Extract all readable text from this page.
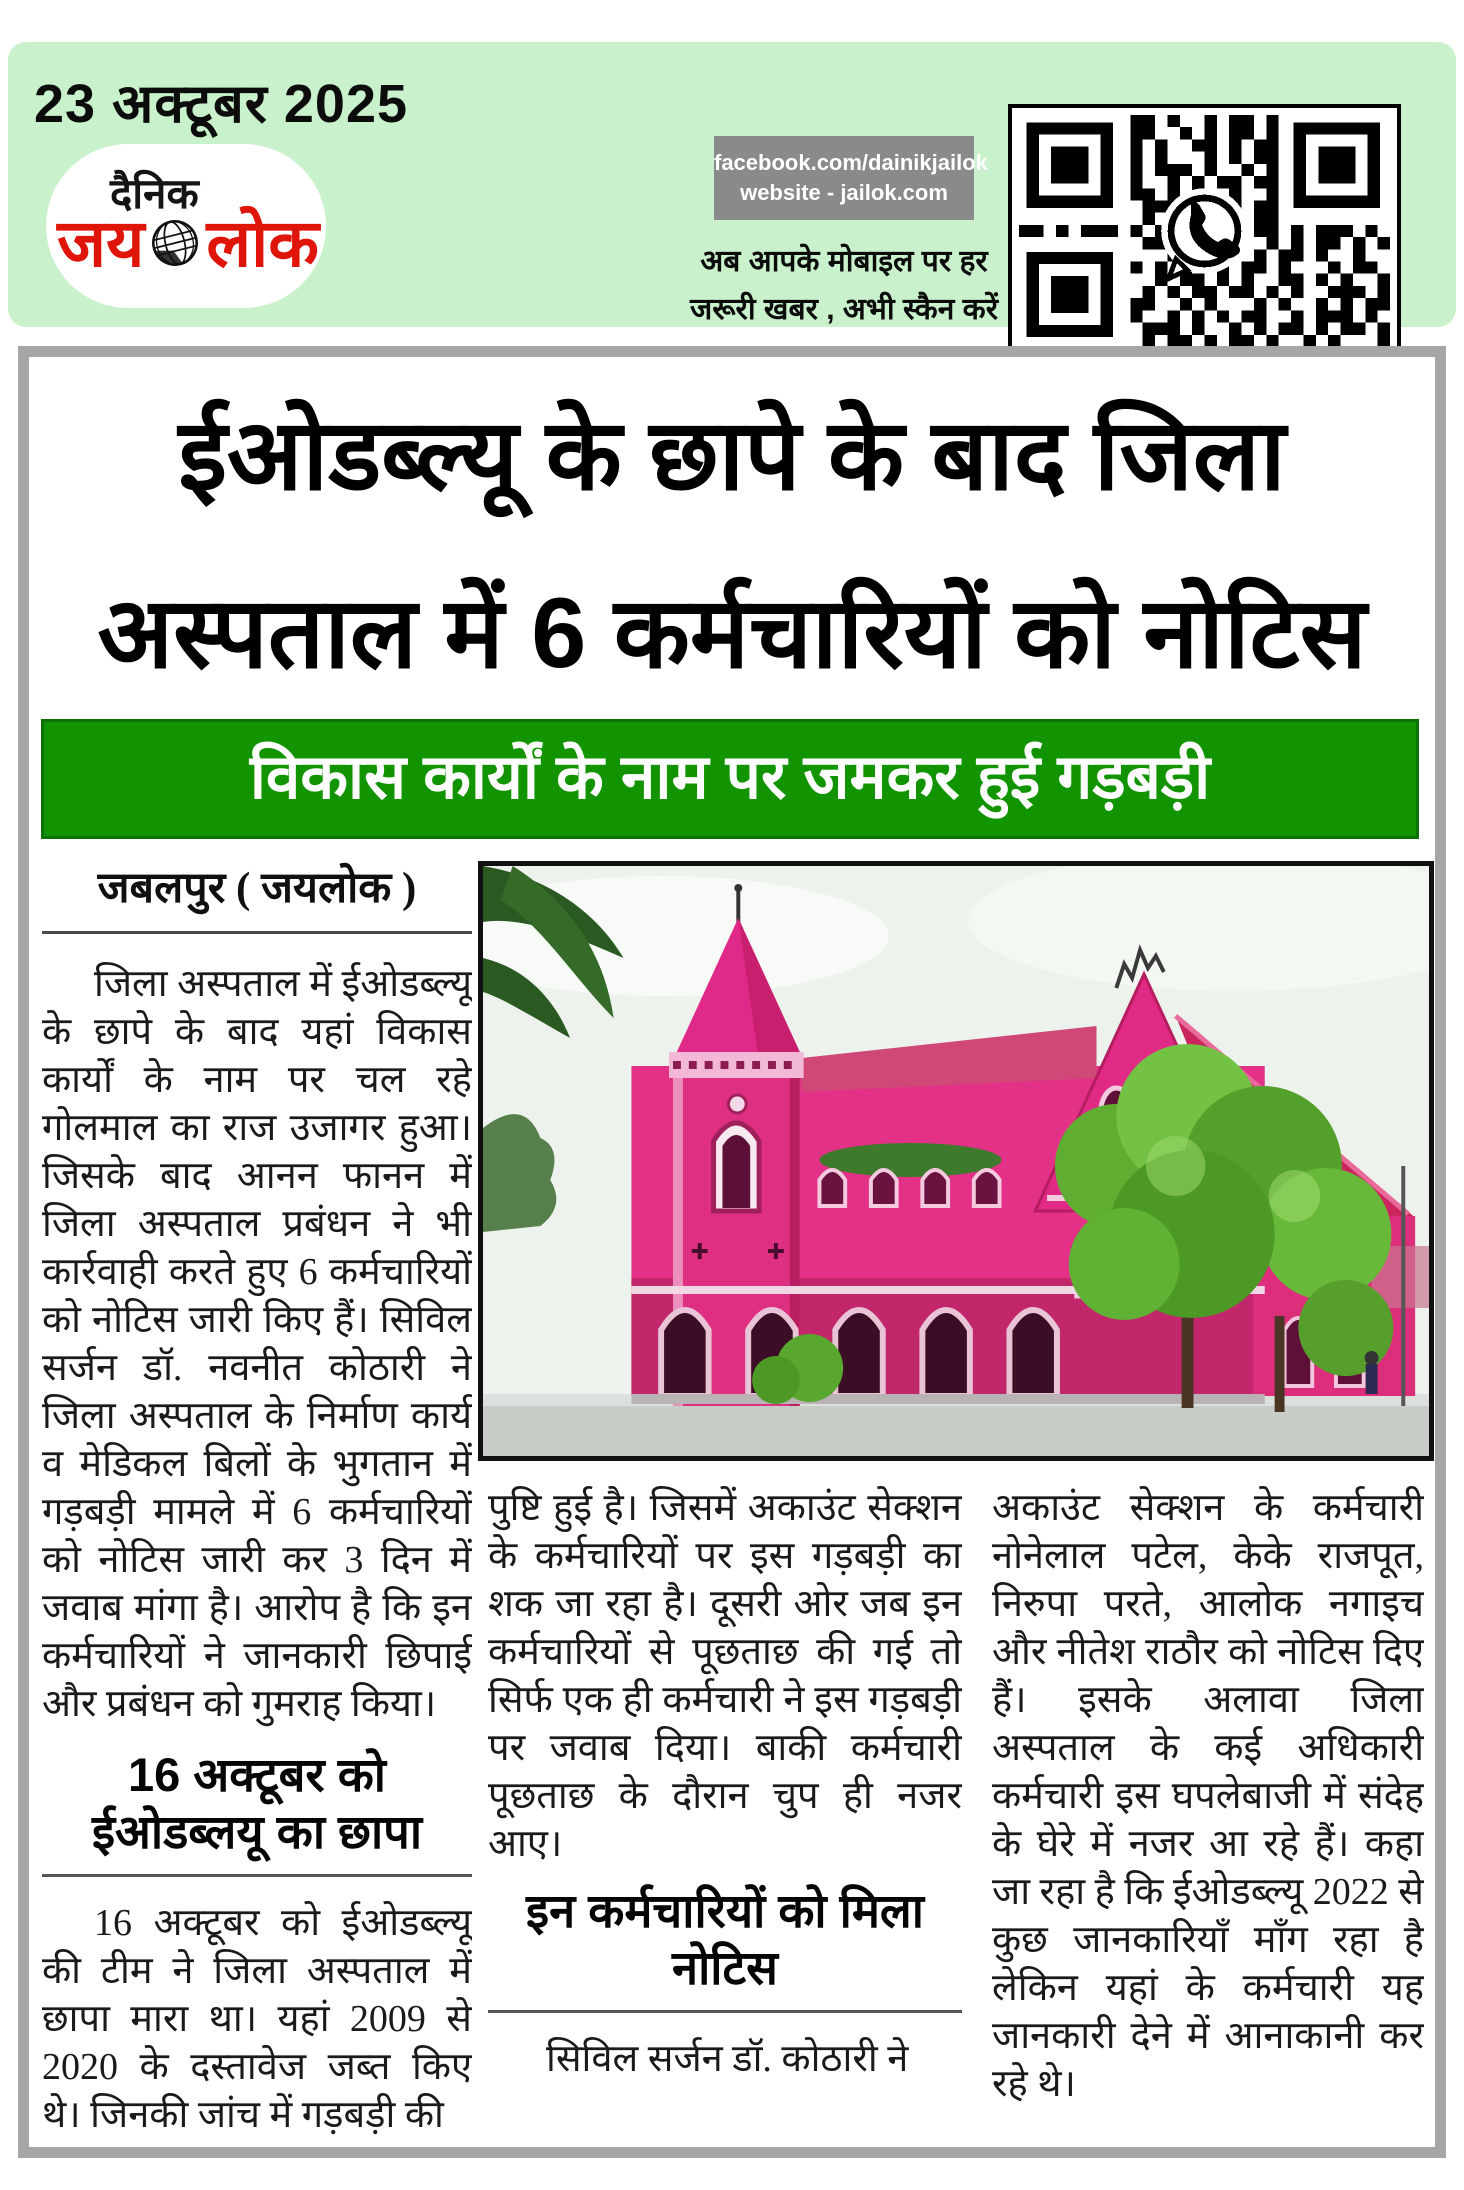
23 अक्टूबर 2025
दैनिक
जय लोक
facebook.com/dainikjailok
website - jailok.com
अब आपके मोबाइल पर हर
जरूरी खबर , अभी स्कैन करें
ईओडब्ल्यू के छापे के बाद जिला
अस्पताल में 6 कर्मचारियों को नोटिस
विकास कार्यों के नाम पर जमकर हुई गड़बड़ी
जबलपुर ( जयलोक )

जिला अस्पताल में ईओडब्ल्यू के छापे के बाद यहां विकास कार्यों के नाम पर चल रहे गोलमाल का राज उजागर हुआ। जिसके बाद आनन फानन में जिला अस्पताल प्रबंधन ने भी कार्रवाही करते हुए 6 कर्मचारियों को नोटिस जारी किए हैं। सिविल सर्जन डॉ. नवनीत कोठारी ने जिला अस्पताल के निर्माण कार्य व मेडिकल बिलों के भुगतान में गड़बड़ी मामले में 6 कर्मचारियों को नोटिस जारी कर 3 दिन में जवाब मांगा है। आरोप है कि इन कर्मचारियों ने जानकारी छिपाई और प्रबंधन को गुमराह किया।

16 अक्टूबर को ईओडब्लयू का छापा

16 अक्टूबर को ईओडब्ल्यू की टीम ने जिला अस्पताल में छापा मारा था। यहां 2009 से 2020 के दस्तावेज जब्त किए थे। जिनकी जांच में गड़बड़ी की

पुष्टि हुई है। जिसमें अकाउंट सेक्शन के कर्मचारियों पर इस गड़बड़ी का शक जा रहा है। दूसरी ओर जब इन कर्मचारियों से पूछताछ की गई तो सिर्फ एक ही कर्मचारी ने इस गड़बड़ी पर जवाब दिया। बाकी कर्मचारी पूछताछ के दौरान चुप ही नजर आए।

इन कर्मचारियों को मिला नोटिस

सिविल सर्जन डॉ. कोठारी ने

अकाउंट सेक्शन के कर्मचारी नोनेलाल पटेल, केके राजपूत, निरुपा परते, आलोक नगाइच और नीतेश राठौर को नोटिस दिए हैं। इसके अलावा जिला अस्पताल के कई अधिकारी कर्मचारी इस घपलेबाजी में संदेह के घेरे में नजर आ रहे हैं। कहा जा रहा है कि ईओडब्ल्यू 2022 से कुछ जानकारियाँ माँग रहा है लेकिन यहां के कर्मचारी यह जानकारी देने में आनाकानी कर रहे थे।
